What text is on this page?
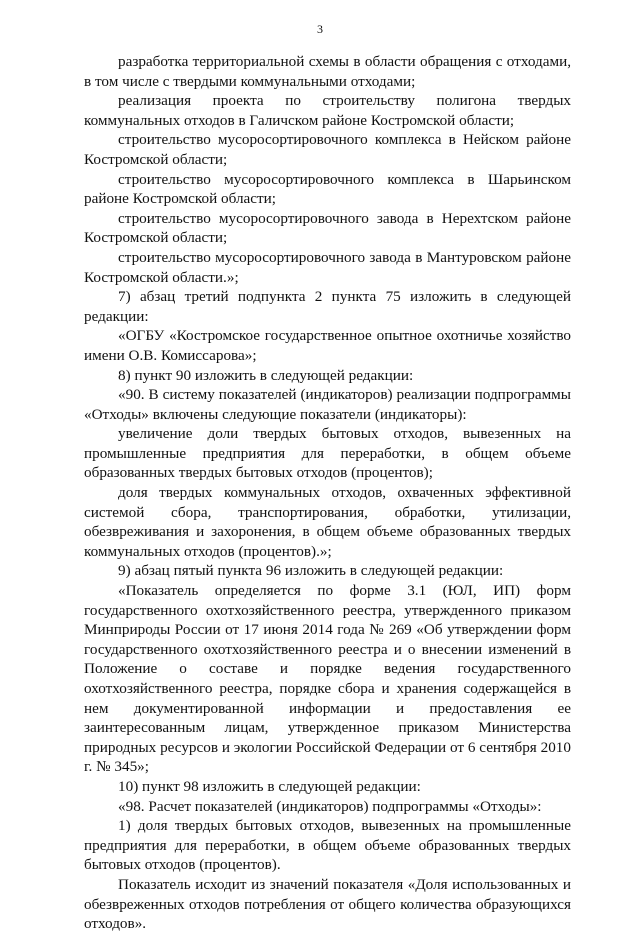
3

разработка территориальной схемы в области обращения с отходами, в том числе с твердыми коммунальными отходами;

реализация проекта по строительству полигона твердых коммунальных отходов в Галичском районе Костромской области;

строительство мусоросортировочного комплекса в Нейском районе Костромской области;

строительство мусоросортировочного комплекса в Шарьинском районе Костромской области;

строительство мусоросортировочного завода в Нерехтском районе Костромской области;

строительство мусоросортировочного завода в Мантуровском районе Костромской области.»;

7) абзац третий подпункта 2 пункта 75 изложить в следующей редакции:

«ОГБУ «Костромское государственное опытное охотничье хозяйство имени О.В. Комиссарова»;

8) пункт 90 изложить в следующей редакции:

«90. В систему показателей (индикаторов) реализации подпрограммы «Отходы» включены следующие показатели (индикаторы):

увеличение доли твердых бытовых отходов, вывезенных на промышленные предприятия для переработки, в общем объеме образованных твердых бытовых отходов (процентов);

доля твердых коммунальных отходов, охваченных эффективной системой сбора, транспортирования, обработки, утилизации, обезвреживания и захоронения, в общем объеме образованных твердых коммунальных отходов (процентов).»;

9) абзац пятый пункта 96 изложить в следующей редакции:

«Показатель определяется по форме 3.1 (ЮЛ, ИП) форм государственного охотхозяйственного реестра, утвержденного приказом Минприроды России от 17 июня 2014 года № 269 «Об утверждении форм государственного охотхозяйственного реестра и о внесении изменений в Положение о составе и порядке ведения государственного охотхозяйственного реестра, порядке сбора и хранения содержащейся в нем документированной информации и предоставления ее заинтересованным лицам, утвержденное приказом Министерства природных ресурсов и экологии Российской Федерации от 6 сентября 2010 г. № 345»;

10) пункт 98 изложить в следующей редакции:

«98. Расчет показателей (индикаторов) подпрограммы «Отходы»:

1) доля твердых бытовых отходов, вывезенных на промышленные предприятия для переработки, в общем объеме образованных твердых бытовых отходов (процентов).

Показатель исходит из значений показателя «Доля использованных и обезвреженных отходов потребления от общего количества образующихся отходов».
